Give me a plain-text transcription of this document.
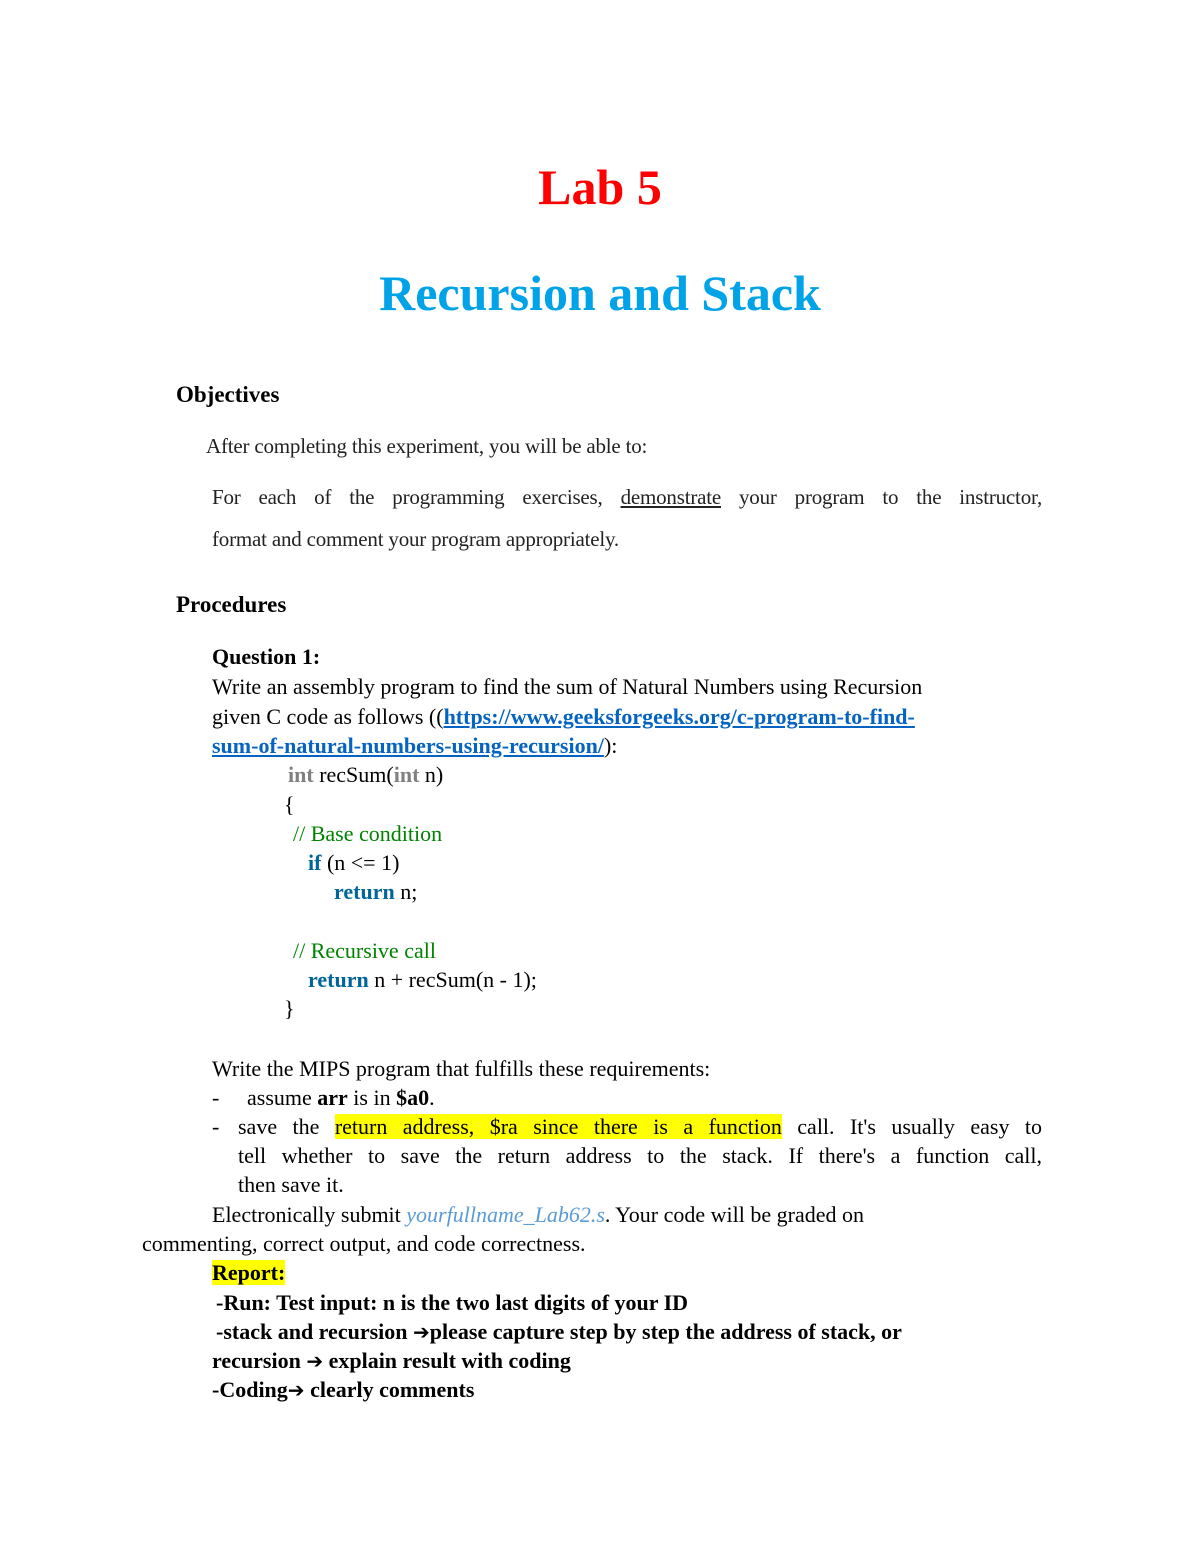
Lab 5
Recursion and Stack
Objectives
After completing this experiment, you will be able to:
For each of the programming exercises, demonstrate your program to the instructor,
format and comment your program appropriately.
Procedures
Question 1:
Write an assembly program to find the sum of Natural Numbers using Recursion
given C code as follows ((https://www.geeksforgeeks.org/c-program-to-find-
sum-of-natural-numbers-using-recursion/):
int recSum(int n)
{
// Base condition
if (n <= 1)
return n;
// Recursive call
return n + recSum(n - 1);
}
Write the MIPS program that fulfills these requirements:
- assume arr is in $a0.
- save the return address, $ra since there is a function call. It's usually easy to
tell whether to save the return address to the stack. If there's a function call,
then save it.
Electronically submit yourfullname_Lab62.s. Your code will be graded on
commenting, correct output, and code correctness.
Report:
-Run: Test input: n is the two last digits of your ID
-stack and recursion ➔please capture step by step the address of stack, or
recursion ➔ explain result with coding
-Coding➔ clearly comments
